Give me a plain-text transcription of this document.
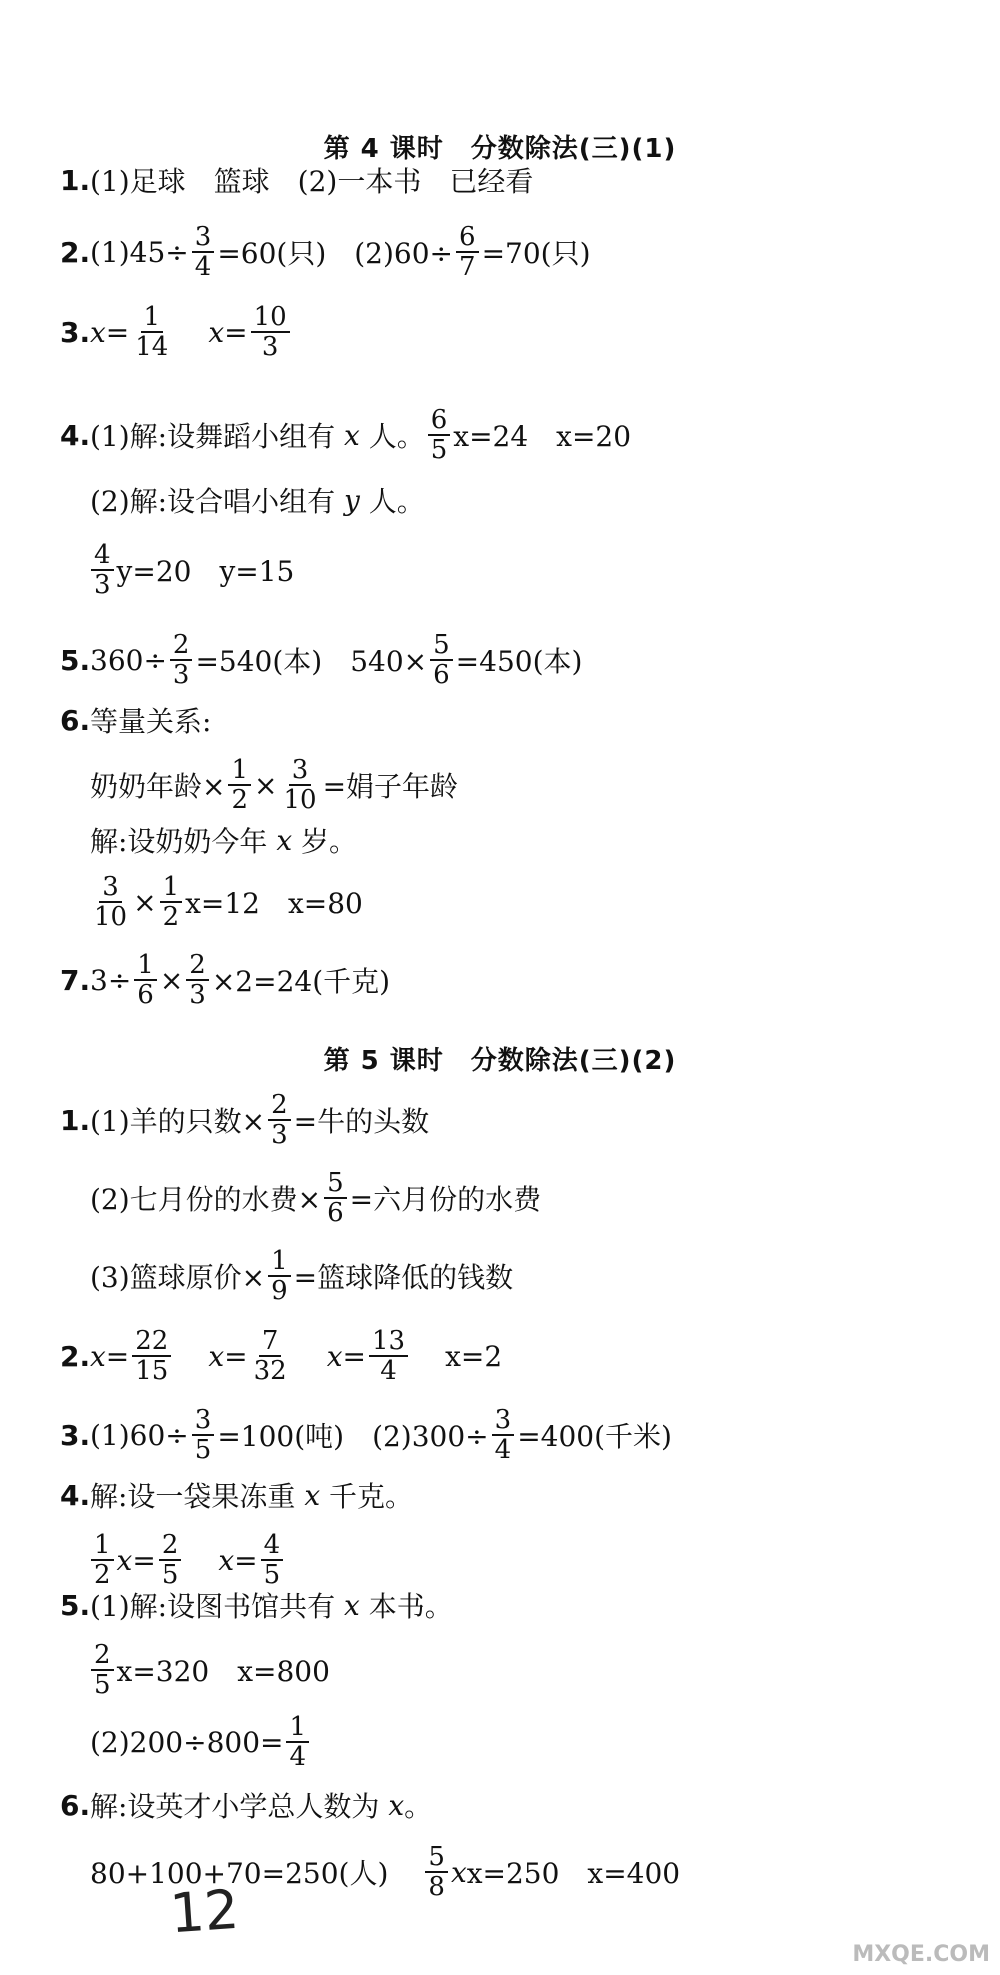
第 4 课时　分数除法(三)(1)
1. (1)足球　篮球　(2)一本书　已经看
2. $(1)45\div \frac{3}{4} =60$(只)　$(2)60\div \frac{6}{7} =70$(只)
3. $x = \frac{1}{14}$ $x = \frac{10}{3}$
4. (1)解:设舞蹈小组有
x
人。 $\frac{6}{5} x=24$　x=20
(2)解:设合唱小组有
y
人。
$\frac{4}{3} y=20$　y=15
5. $360\div \frac{2}{3} =540$(本)　$540\times \frac{5}{6} =450$(本)
6. 等量关系:
奶奶年龄× $\frac{1}{2} \times \frac{3}{10}$ =娟子年龄
解:设奶奶今年
x
岁。
$\frac{3}{10} \times \frac{1}{2} x=12$　x=80
7. $3\div \frac{1}{6} \times \frac{2}{3} \times 2=24$(千克)
第 5 课时　分数除法(三)(2)
1. (1)羊的只数× $\frac{2}{3}$ =牛的头数
(2)七月份的水费× $\frac{5}{6}$ =六月份的水费
(3)篮球原价× $\frac{1}{9}$ =篮球降低的钱数
2. $x = \frac{22}{15}$ $x = \frac{7}{32}$ $x = \frac{13}{4} x=2$
3. $(1)60\div \frac{3}{5} =100$(吨)　$(2)300\div \frac{3}{4} =400$(千米)
4. 解:设一袋果冻重
x
千克。
$\frac{1}{2}$ $x = \frac{2}{5}$ $x = \frac{4}{5}$
5. (1)解:设图书馆共有
x
本书。
$\frac{2}{5} x=320$　x=800
$(2)200\div 800= \frac{1}{4}$
6. 解:设英才小学总人数为
x 。
80+100+70=250(人) $\frac{5}{8}$ x x=250　x=400
12
MXQE.COM
